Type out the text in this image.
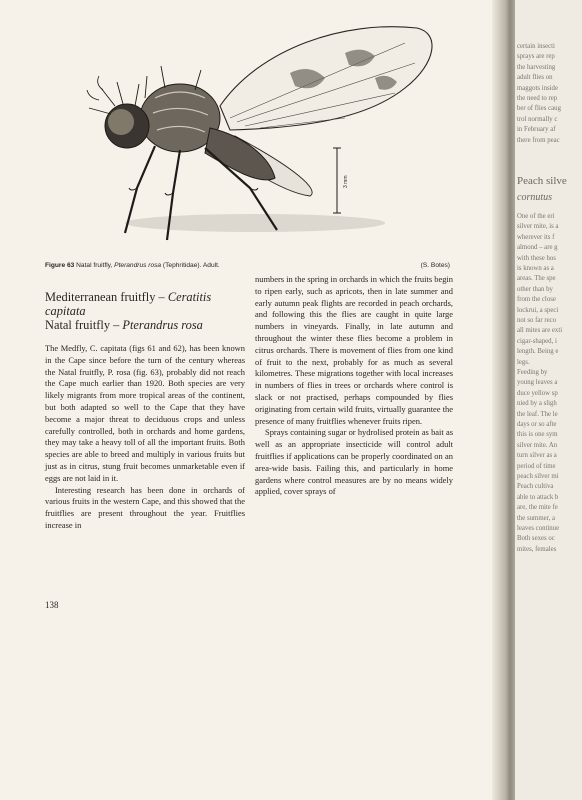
3 mm
Figure 63 Natal fruitfly, Pterandrus rosa (Tephritidae). Adult.	(S. Botes)
Mediterranean fruitfly – Ceratitis capitata
Natal fruitfly – Pterandrus rosa

The Medfly, C. capitata (figs 61 and 62), has been known in the Cape since before the turn of the century whereas the Natal fruitfly, P. rosa (fig. 63), probably did not reach the Cape much earlier than 1920. Both species are very likely migrants from more tropical areas of the continent, but both adapted so well to the Cape that they have become a major threat to deciduous crops and unless carefully controlled, both in orchards and home gardens, they may take a heavy toll of all the important fruits. Both species are able to breed and multiply in various fruits but just as in citrus, stung fruit becomes unmarketable even if eggs are not laid in it.

Interesting research has been done in orchards of various fruits in the western Cape, and this showed that the fruitflies are present throughout the year. Fruitflies increase in

numbers in the spring in orchards in which the fruits begin to ripen early, such as apricots, then in late summer and early autumn peak flights are recorded in peach orchards, and following this the flies are caught in quite large numbers in vineyards. Finally, in late autumn and throughout the winter these flies become a problem in citrus orchards. There is movement of flies from one kind of fruit to the next, probably for as much as several kilometres. These migrations together with local increases in numbers of flies in trees or orchards where control is slack or not practised, perhaps compounded by flies originating from certain wild fruits, virtually guarantee the presence of many fruitflies whenever fruits ripen.

Sprays containing sugar or hydrolised protein as bait as well as an appropriate insecticide will control adult fruitflies if applications can be properly coordinated on an area-wide basis. Failing this, and particularly in home gardens where control measures are by no means widely applied, cover sprays of

138
certain insecti
sprays are rep
the harvesting
adult flies on
maggots inside
the need to rep
ber of flies caug
trol normally c
in February af
there from peac
Peach silve
cornutus
One of the eri
silver mite, is a
wherever its f
almond – are g
with these hos
is known as a
areas. The spe
other than by
from the close
lockrui, a speci
not so far reco
all mites are exti
cigar-shaped, i
length. Being e
legs.
Feeding by
young leaves a
duce yellow sp
nied by a sligh
the leaf. The le
days or so afte
this is one sym
silver mite. An
turn silver as a
period of time
peach silver mi
Peach cultiva
able to attack b
are, the mite fe
the summer, a
leaves continue
Both sexes oc
mites, females
